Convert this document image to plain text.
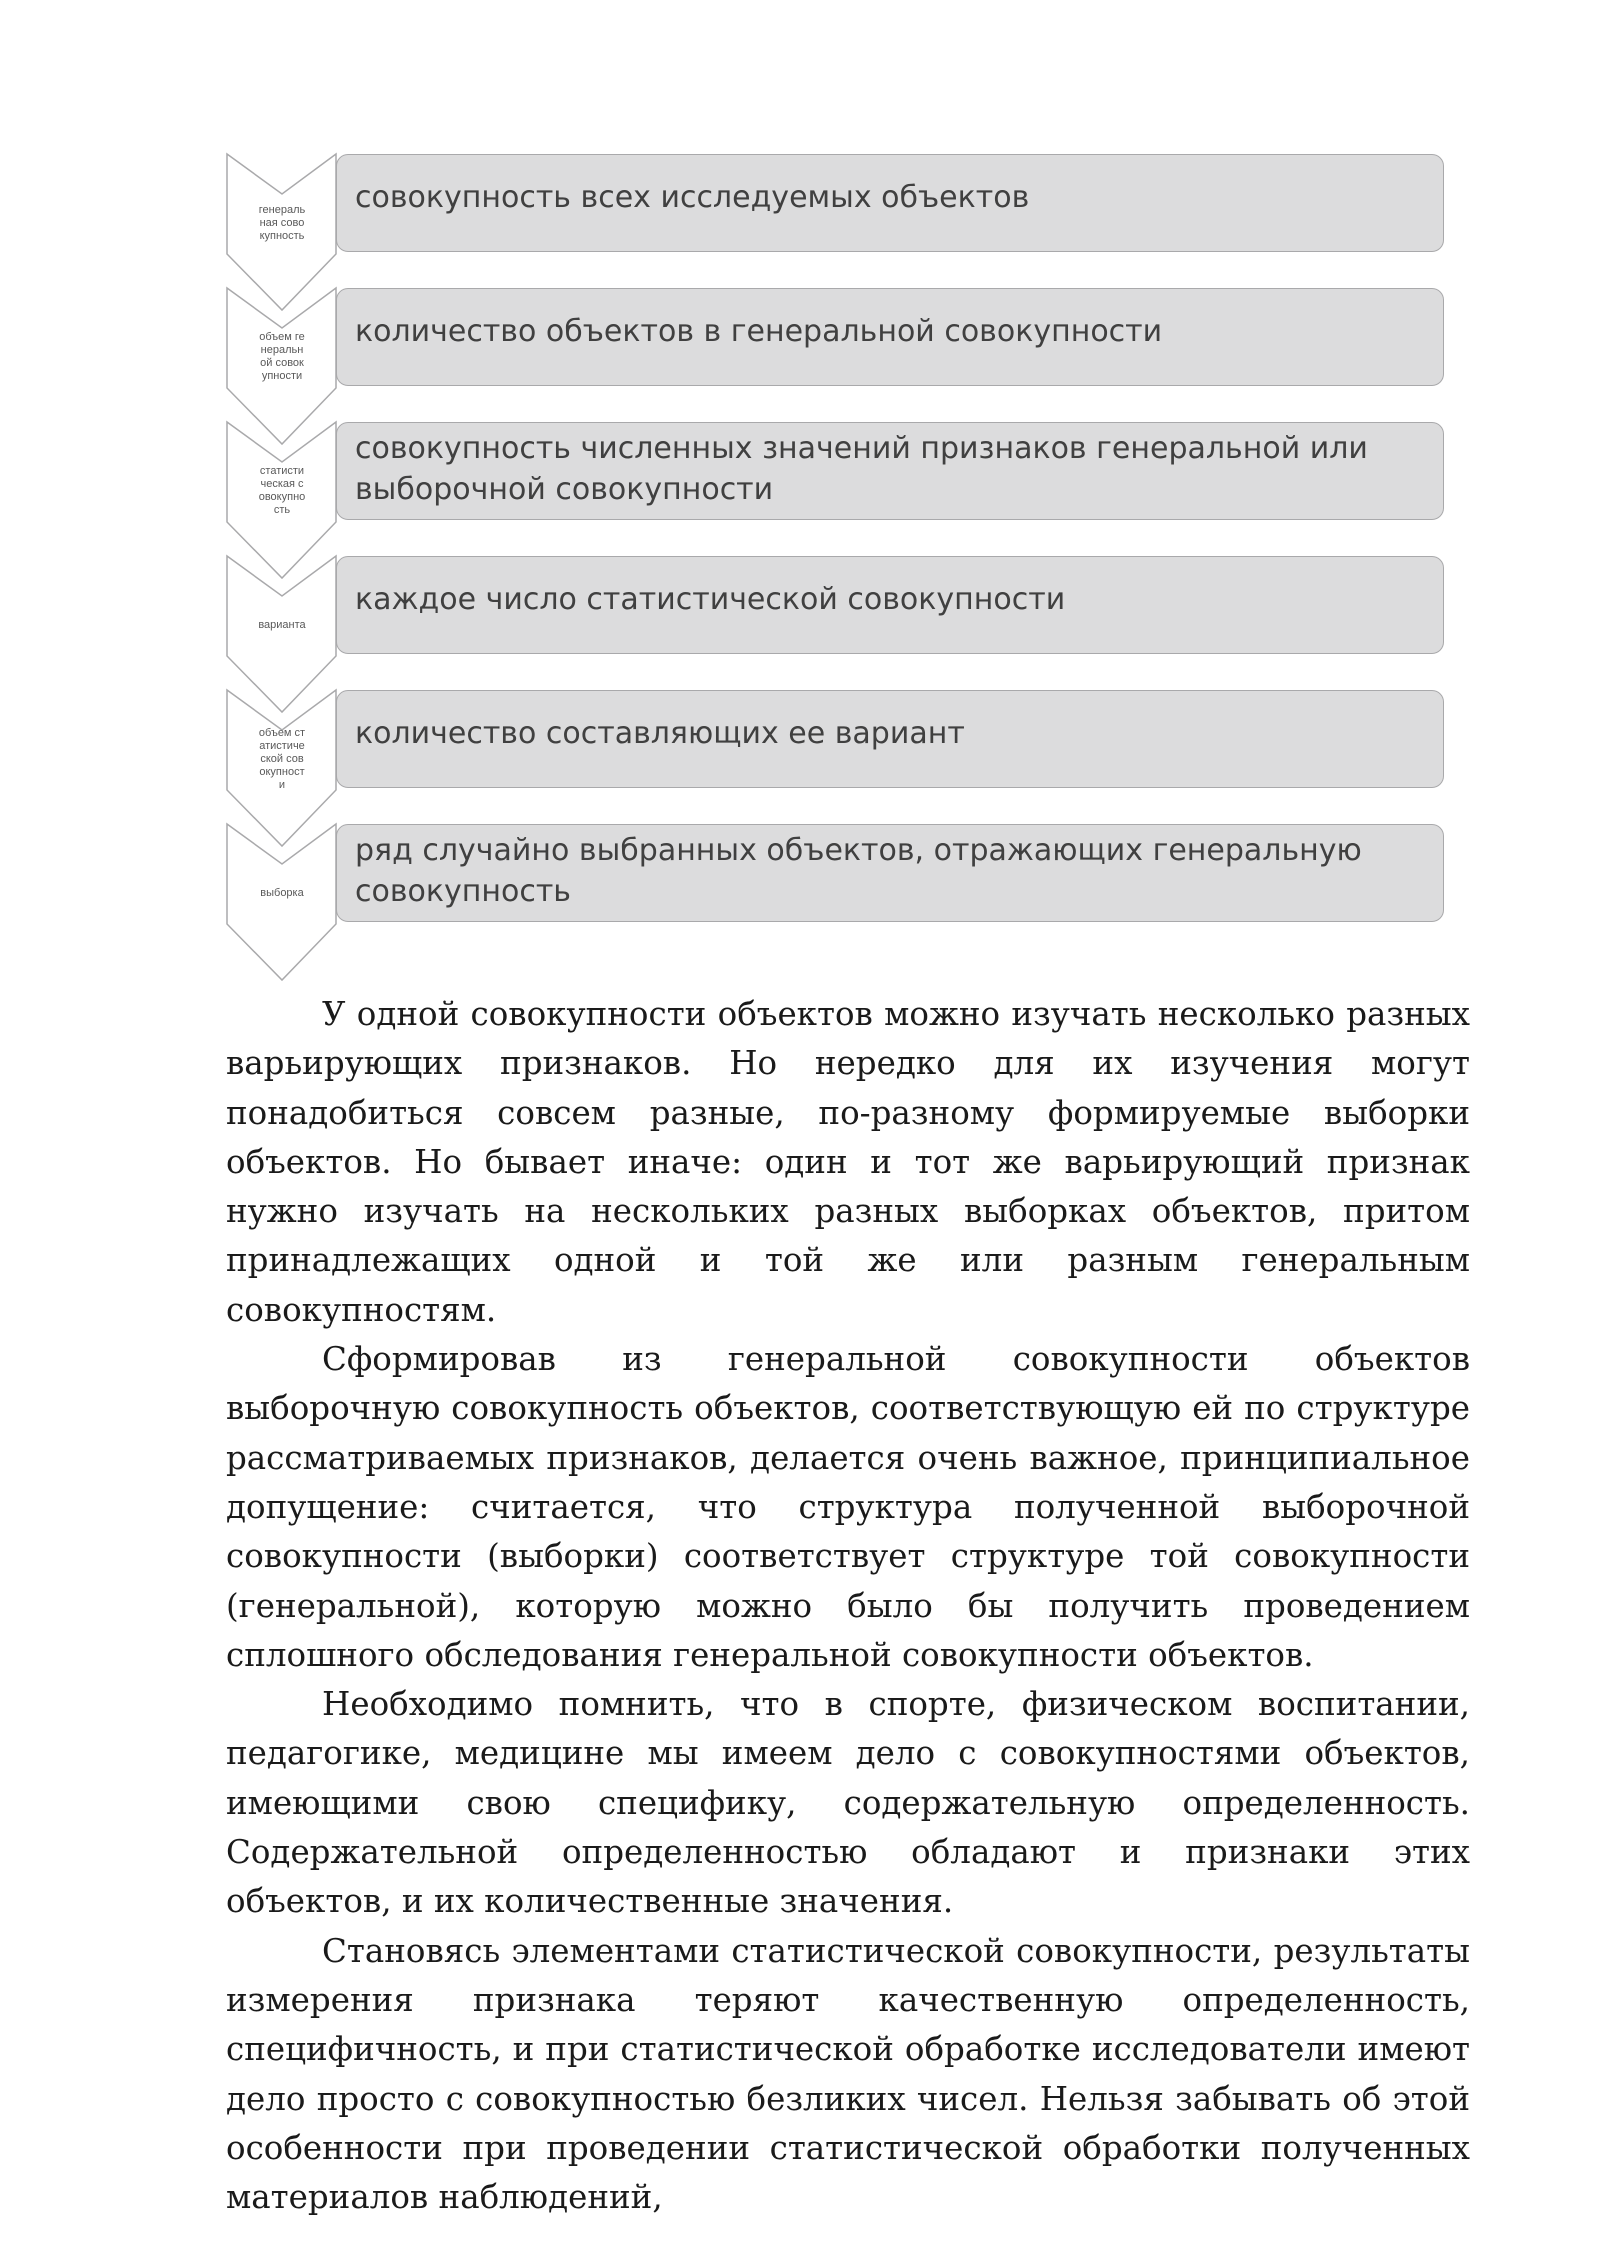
генеральная совокупность
совокупность всех исследуемых объектов
объем генеральной совокупности
количество объектов в генеральной совокупности
статистическая совокупность
совокупность численных значений признаков генеральной или выборочной совокупности
варианта
каждое число статистической совокупности
объем статистической совокупности
количество составляющих ее вариант
выборка
ряд случайно выбранных объектов, отражающих генеральную совокупность

У одной совокупности объектов можно изучать несколько разных варьирующих признаков. Но нередко для их изучения могут понадобиться совсем разные, по-разному формируемые выборки объектов. Но бывает иначе: один и тот же варьирующий признак нужно изучать на нескольких разных выборках объектов, притом принадлежащих одной и той же или разным генеральным совокупностям.

Сформировав из генеральной совокупности объектов выборочную совокупность объектов, соответствующую ей по структуре рассматриваемых признаков, делается очень важное, принципиальное допущение: считается, что структура полученной выборочной совокупности (выборки) соответствует структуре той совокупности (генеральной), которую можно было бы получить проведением сплошного обследования генеральной совокупности объектов.

Необходимо помнить, что в спорте, физическом воспитании, педагогике, медицине мы имеем дело с совокупностями объектов, имеющими свою специфику, содержательную определенность. Содержательной определенностью обладают и признаки этих объектов, и их количественные значения.

Становясь элементами статистической совокупности, результаты измерения признака теряют качественную определенность, специфичность, и при статистической обработке исследователи имеют дело просто с совокупностью безликих чисел. Нельзя забывать об этой особенности при проведении статистической обработки полученных материалов наблюдений,
